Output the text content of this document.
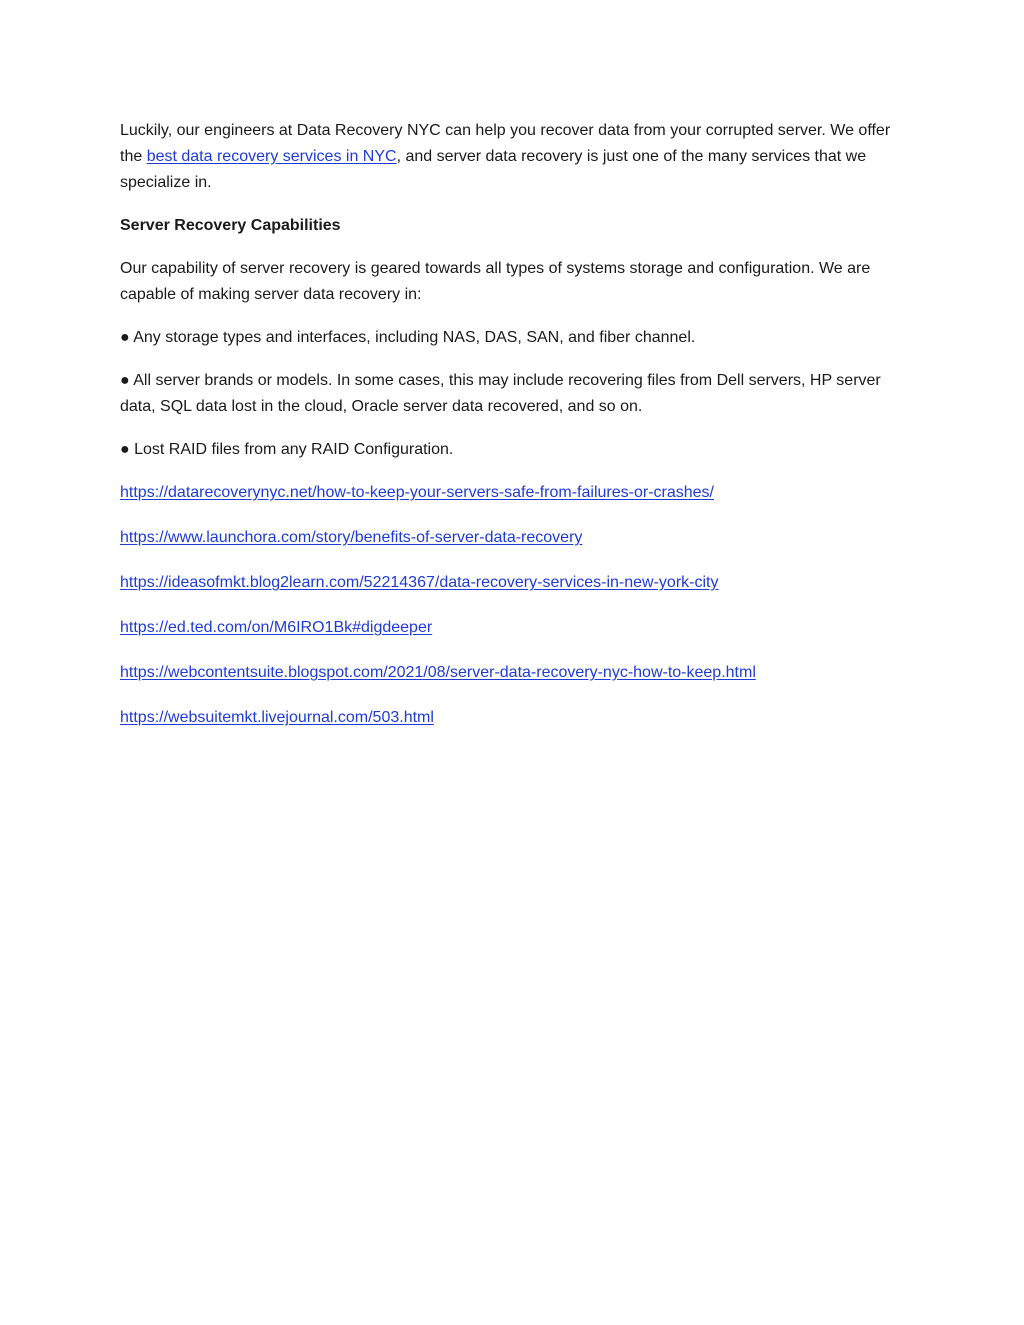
Luckily, our engineers at Data Recovery NYC can help you recover data from your corrupted server. We offer the best data recovery services in NYC, and server data recovery is just one of the many services that we specialize in.

Server Recovery Capabilities

Our capability of server recovery is geared towards all types of systems storage and configuration. We are capable of making server data recovery in:

● Any storage types and interfaces, including NAS, DAS, SAN, and fiber channel.

● All server brands or models. In some cases, this may include recovering files from Dell servers, HP server data, SQL data lost in the cloud, Oracle server data recovered, and so on.

● Lost RAID files from any RAID Configuration.

https://datarecoverynyc.net/how-to-keep-your-servers-safe-from-failures-or-crashes/
https://www.launchora.com/story/benefits-of-server-data-recovery
https://ideasofmkt.blog2learn.com/52214367/data-recovery-services-in-new-york-city
https://ed.ted.com/on/M6IRO1Bk#digdeeper
https://webcontentsuite.blogspot.com/2021/08/server-data-recovery-nyc-how-to-keep.html
https://websuitemkt.livejournal.com/503.html
